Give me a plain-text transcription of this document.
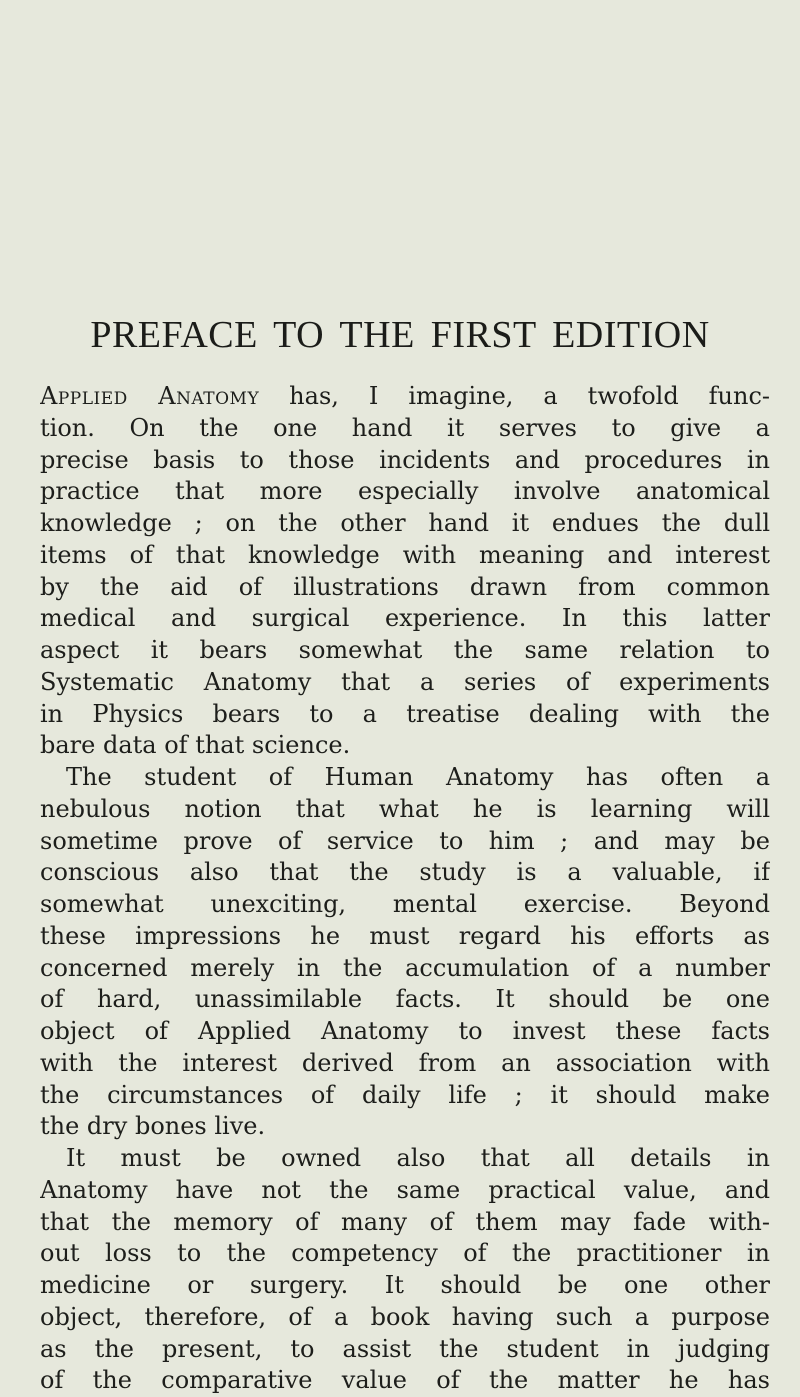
PREFACE TO THE FIRST EDITION
Applied Anatomy has, I imagine, a twofold func-
tion. On the one hand it serves to give a
precise basis to those incidents and procedures in
practice that more especially involve anatomical
knowledge ; on the other hand it endues the dull
items of that knowledge with meaning and interest
by the aid of illustrations drawn from common
medical and surgical experience. In this latter
aspect it bears somewhat the same relation to
Systematic Anatomy that a series of experiments
in Physics bears to a treatise dealing with the
bare data of that science.
The student of Human Anatomy has often a
nebulous notion that what he is learning will
sometime prove of service to him ; and may be
conscious also that the study is a valuable, if
somewhat unexciting, mental exercise. Beyond
these impressions he must regard his efforts as
concerned merely in the accumulation of a number
of hard, unassimilable facts. It should be one
object of Applied Anatomy to invest these facts
with the interest derived from an association with
the circumstances of daily life ; it should make
the dry bones live.
It must be owned also that all details in
Anatomy have not the same practical value, and
that the memory of many of them may fade with-
out loss to the competency of the practitioner in
medicine or surgery. It should be one other
object, therefore, of a book having such a purpose
as the present, to assist the student in judging
of the comparative value of the matter he has
